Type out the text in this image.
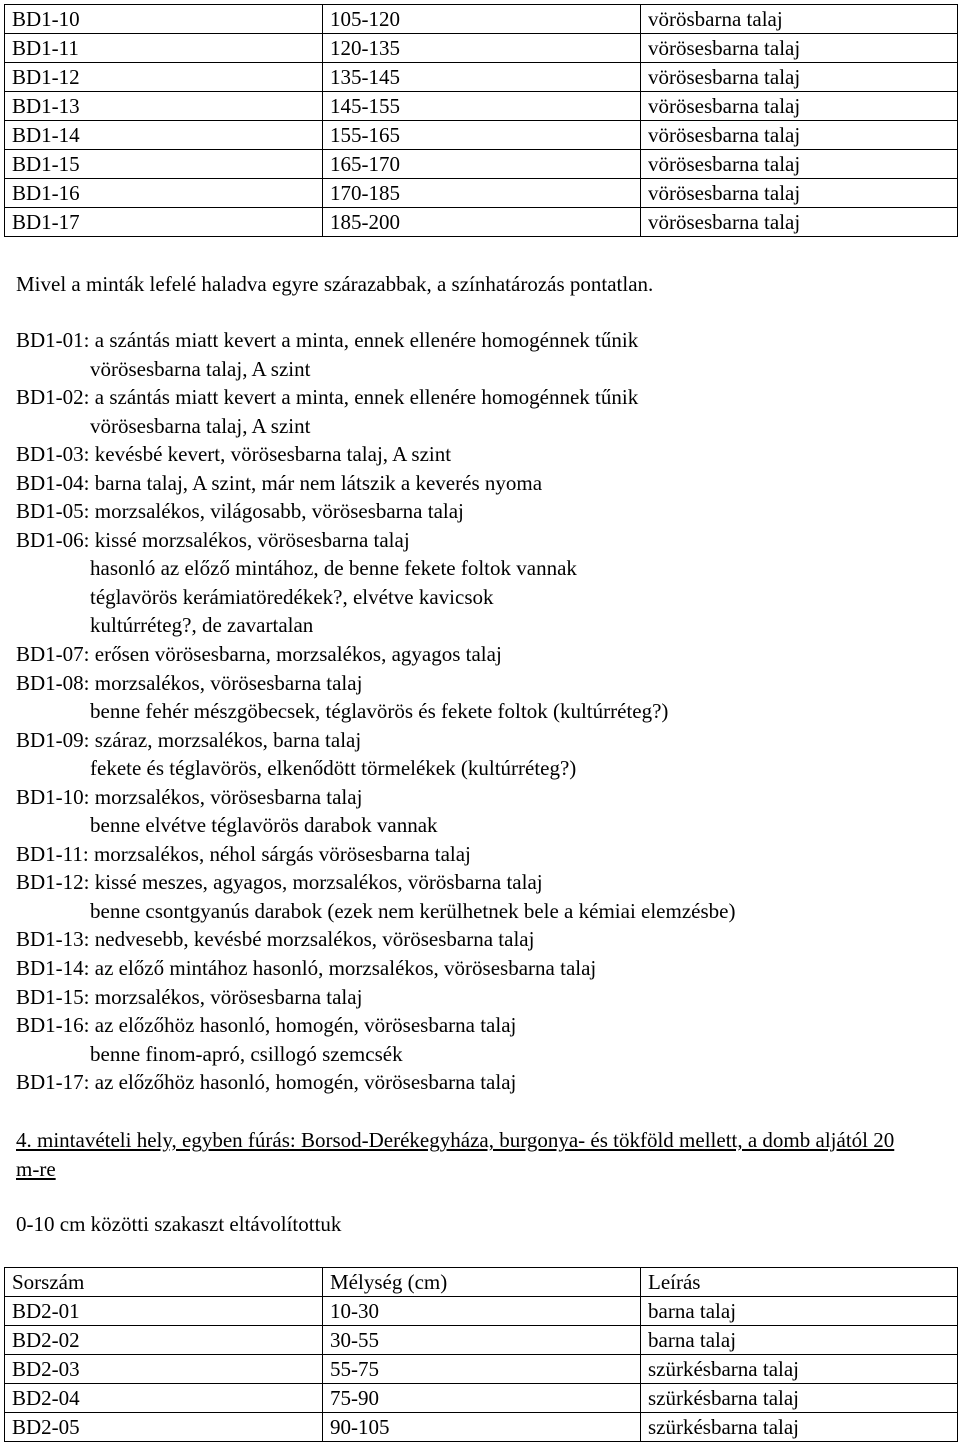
BD1-10	105-120	vörösbarna talaj
BD1-11	120-135	vörösesbarna talaj
BD1-12	135-145	vörösesbarna talaj
BD1-13	145-155	vörösesbarna talaj
BD1-14	155-165	vörösesbarna talaj
BD1-15	165-170	vörösesbarna talaj
BD1-16	170-185	vörösesbarna talaj
BD1-17	185-200	vörösesbarna talaj
Mivel a minták lefelé haladva egyre szárazabbak, a színhatározás pontatlan.
BD1-01: a szántás miatt kevert a minta, ennek ellenére homogénnek tűnik
vörösesbarna talaj, A szint
BD1-02: a szántás miatt kevert a minta, ennek ellenére homogénnek tűnik
vörösesbarna talaj, A szint
BD1-03: kevésbé kevert, vörösesbarna talaj, A szint
BD1-04: barna talaj, A szint, már nem látszik a keverés nyoma
BD1-05: morzsalékos, világosabb, vörösesbarna talaj
BD1-06: kissé morzsalékos, vörösesbarna talaj
hasonló az előző mintához, de benne fekete foltok vannak
téglavörös kerámiatöredékek?, elvétve kavicsok
kultúrréteg?, de zavartalan
BD1-07: erősen vörösesbarna, morzsalékos, agyagos talaj
BD1-08: morzsalékos, vörösesbarna talaj
benne fehér mészgöbecsek, téglavörös és fekete foltok (kultúrréteg?)
BD1-09: száraz, morzsalékos, barna talaj
fekete és téglavörös, elkenődött törmelékek (kultúrréteg?)
BD1-10: morzsalékos, vörösesbarna talaj
benne elvétve téglavörös darabok vannak
BD1-11: morzsalékos, néhol sárgás vörösesbarna talaj
BD1-12: kissé meszes, agyagos, morzsalékos, vörösbarna talaj
benne csontgyanús darabok (ezek nem kerülhetnek bele a kémiai elemzésbe)
BD1-13: nedvesebb, kevésbé morzsalékos, vörösesbarna talaj
BD1-14: az előző mintához hasonló, morzsalékos, vörösesbarna talaj
BD1-15: morzsalékos, vörösesbarna talaj
BD1-16: az előzőhöz hasonló, homogén, vörösesbarna talaj
benne finom-apró, csillogó szemcsék
BD1-17: az előzőhöz hasonló, homogén, vörösesbarna talaj
4. mintavételi hely, egyben fúrás: Borsod-Derékegyháza, burgonya- és tökföld mellett, a domb aljától 20 m-re
0-10 cm közötti szakaszt eltávolítottuk
Sorszám	Mélység (cm)	Leírás
BD2-01	10-30	barna talaj
BD2-02	30-55	barna talaj
BD2-03	55-75	szürkésbarna talaj
BD2-04	75-90	szürkésbarna talaj
BD2-05	90-105	szürkésbarna talaj
